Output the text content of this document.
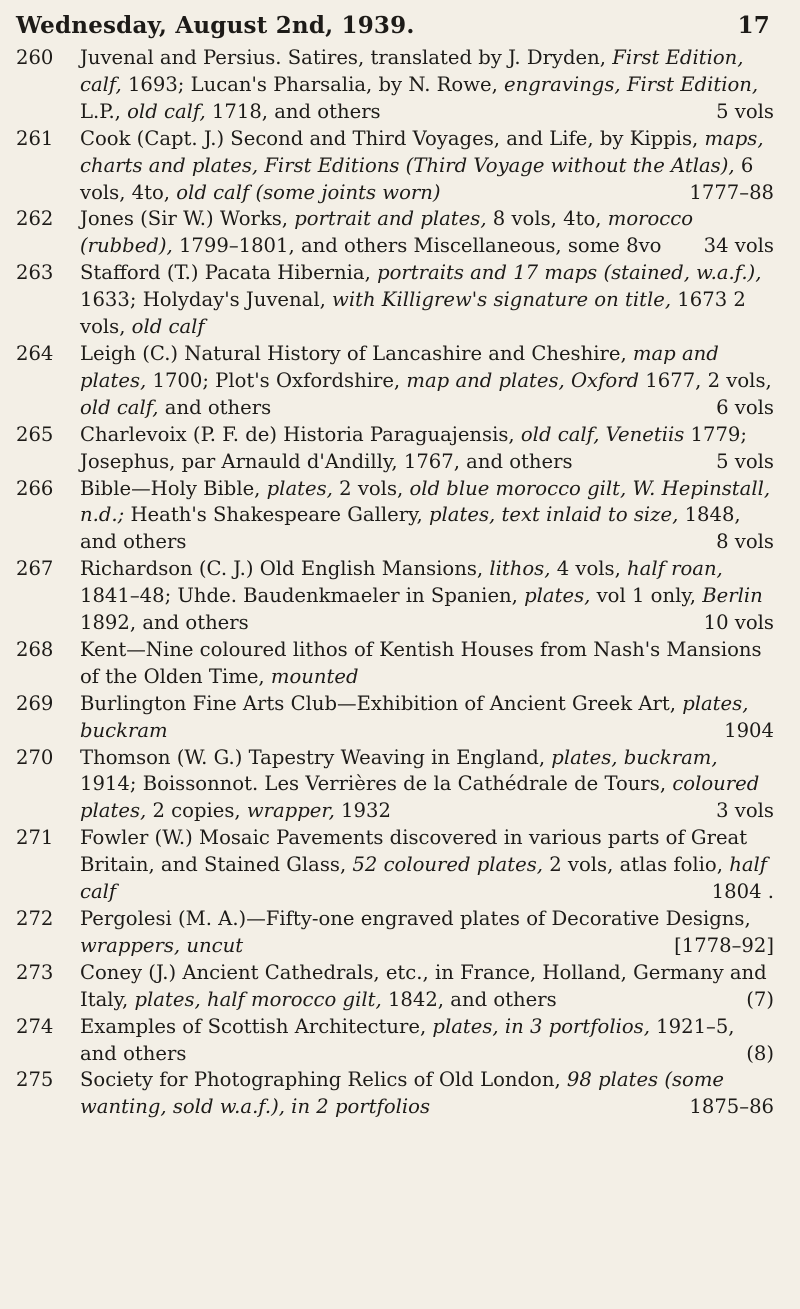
Wednesday, August 2nd, 1939.	17
260	Juvenal and Persius. Satires, translated by J. Dryden, First Edition, calf, 1693; Lucan's Pharsalia, by N. Rowe, engravings, First Edition, L.P., old calf, 1718, and others	5 vols
261	Cook (Capt. J.) Second and Third Voyages, and Life, by Kippis, maps, charts and plates, First Editions (Third Voyage without the Atlas), 6 vols, 4to, old calf (some joints worn)	1777–88
262	Jones (Sir W.) Works, portrait and plates, 8 vols, 4to, morocco (rubbed), 1799–1801, and others Miscellaneous, some 8vo	34 vols
263	Stafford (T.) Pacata Hibernia, portraits and 17 maps (stained, w.a.f.), 1633; Holyday's Juvenal, with Killigrew's signature on title, 1673 2 vols, old calf
264	Leigh (C.) Natural History of Lancashire and Cheshire, map and plates, 1700; Plot's Oxfordshire, map and plates, Oxford 1677, 2 vols, old calf, and others	6 vols
265	Charlevoix (P. F. de) Historia Paraguajensis, old calf, Venetiis 1779; Josephus, par Arnauld d'Andilly, 1767, and others	5 vols
266	Bible—Holy Bible, plates, 2 vols, old blue morocco gilt, W. Hepinstall, n.d.; Heath's Shakespeare Gallery, plates, text inlaid to size, 1848, and others	8 vols
267	Richardson (C. J.) Old English Mansions, lithos, 4 vols, half roan, 1841–48; Uhde. Baudenkmaeler in Spanien, plates, vol 1 only, Berlin 1892, and others	10 vols
268	Kent—Nine coloured lithos of Kentish Houses from Nash's Mansions of the Olden Time, mounted
269	Burlington Fine Arts Club—Exhibition of Ancient Greek Art, plates, buckram	1904
270	Thomson (W. G.) Tapestry Weaving in England, plates, buckram, 1914; Boissonnot. Les Verrières de la Cathédrale de Tours, coloured plates, 2 copies, wrapper, 1932	3 vols
271	Fowler (W.) Mosaic Pavements discovered in various parts of Great Britain, and Stained Glass, 52 coloured plates, 2 vols, atlas folio, half calf	1804 .
272	Pergolesi (M. A.)—Fifty-one engraved plates of Decorative Designs, wrappers, uncut	[1778–92]
273	Coney (J.) Ancient Cathedrals, etc., in France, Holland, Germany and Italy, plates, half morocco gilt, 1842, and others	(7)
274	Examples of Scottish Architecture, plates, in 3 portfolios, 1921–5, and others	(8)
275	Society for Photographing Relics of Old London, 98 plates (some wanting, sold w.a.f.), in 2 portfolios	1875–86
